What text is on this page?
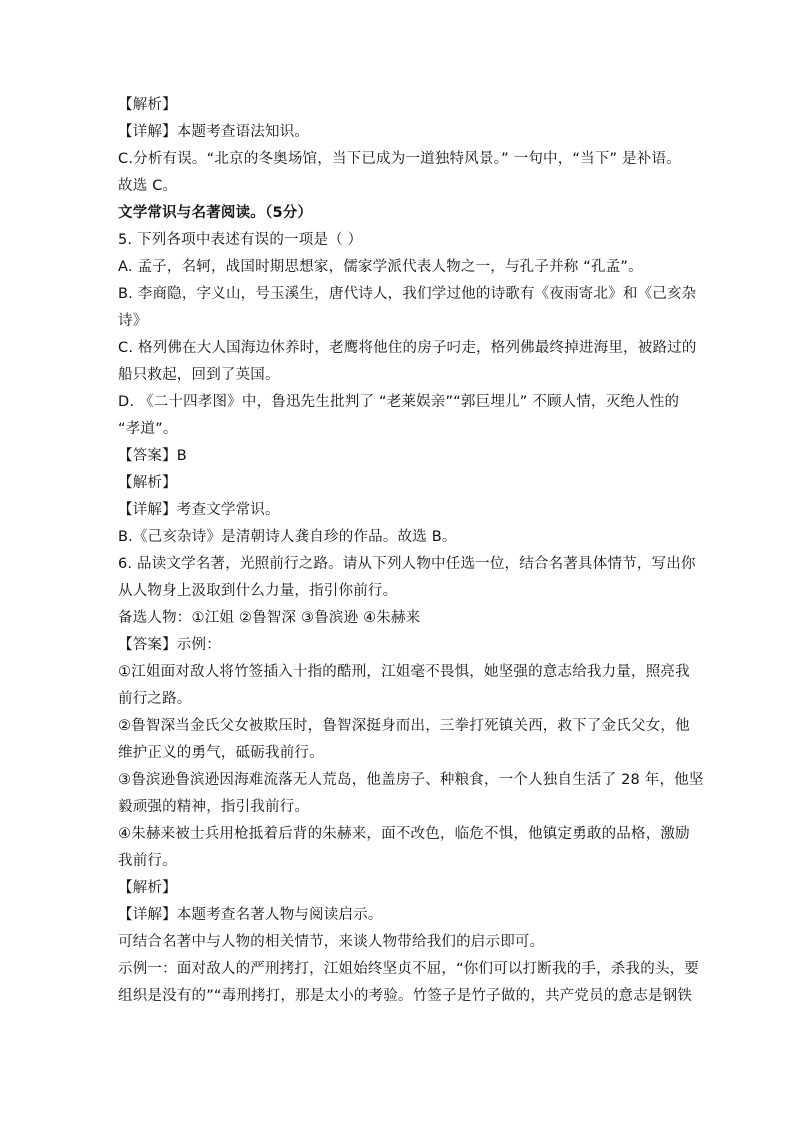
【解析】
【详解】本题考查语法知识。
C.分析有误。“北京的冬奥场馆，当下已成为一道独特风景。” 一句中，“当下” 是补语。
故选 C。
文学常识与名著阅读。（5分）
5. 下列各项中表述有误的一项是（ ）
A. 孟子，名轲，战国时期思想家，儒家学派代表人物之一，与孔子并称 “孔孟”。
B. 李商隐，字义山，号玉溪生，唐代诗人，我们学过他的诗歌有《夜雨寄北》和《己亥杂
诗》
C. 格列佛在大人国海边休养时，老鹰将他住的房子叼走，格列佛最终掉进海里，被路过的
船只救起，回到了英国。
D. 《二十四孝图》中，鲁迅先生批判了 “老莱娱亲”“郭巨埋儿” 不顾人情，灭绝人性的
“孝道”。
【答案】B
【解析】
【详解】考查文学常识。
B.《己亥杂诗》是清朝诗人龚自珍的作品。故选 B。
6. 品读文学名著，光照前行之路。请从下列人物中任选一位，结合名著具体情节，写出你
从人物身上汲取到什么力量，指引你前行。
备选人物：①江姐 ②鲁智深 ③鲁滨逊 ④朱赫来
【答案】示例：
①江姐面对敌人将竹签插入十指的酷刑，江姐毫不畏惧，她坚强的意志给我力量，照亮我
前行之路。
②鲁智深当金氏父女被欺压时，鲁智深挺身而出，三拳打死镇关西，救下了金氏父女，他
维护正义的勇气，砥砺我前行。
③鲁滨逊鲁滨逊因海难流落无人荒岛，他盖房子、种粮食，一个人独自生活了 28 年，他坚
毅顽强的精神，指引我前行。
④朱赫来被士兵用枪抵着后背的朱赫来，面不改色，临危不惧，他镇定勇敢的品格，激励
我前行。
【解析】
【详解】本题考查名著人物与阅读启示。
可结合名著中与人物的相关情节，来谈人物带给我们的启示即可。
示例一：面对敌人的严刑拷打，江姐始终坚贞不屈，“你们可以打断我的手，杀我的头，要
组织是没有的”“毒刑拷打，那是太小的考验。竹签子是竹子做的，共产党员的意志是钢铁
